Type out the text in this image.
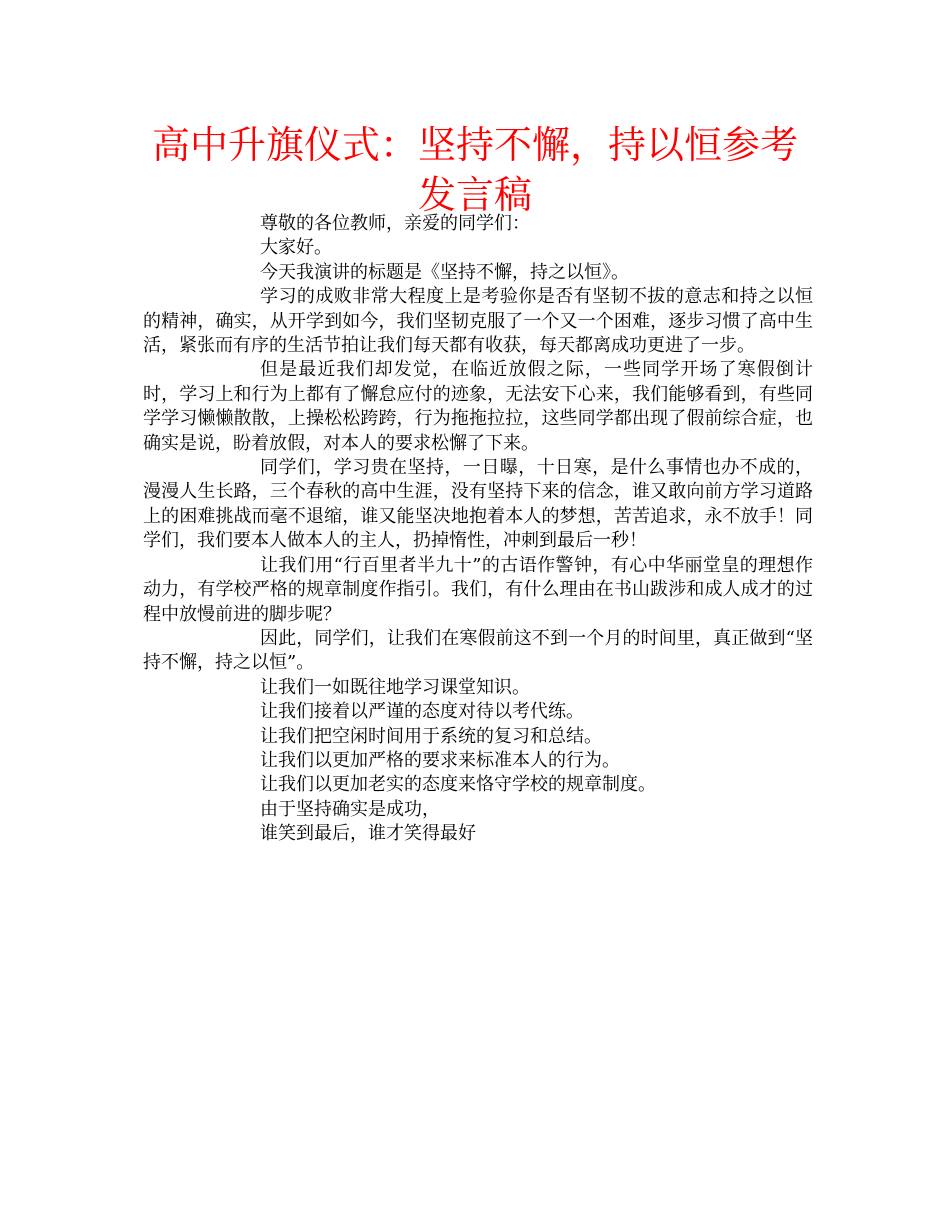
高中升旗仪式：坚持不懈，持以恒参考发言稿

尊敬的各位教师，亲爱的同学们：

大家好。

今天我演讲的标题是《坚持不懈，持之以恒》。

学习的成败非常大程度上是考验你是否有坚韧不拔的意志和持之以恒的精神，确实，从开学到如今，我们坚韧克服了一个又一个困难，逐步习惯了高中生活，紧张而有序的生活节拍让我们每天都有收获，每天都离成功更进了一步。

但是最近我们却发觉，在临近放假之际，一些同学开场了寒假倒计时，学习上和行为上都有了懈怠应付的迹象，无法安下心来，我们能够看到，有些同学学习懒懒散散，上操松松跨跨，行为拖拖拉拉，这些同学都出现了假前综合症，也确实是说，盼着放假，对本人的要求松懈了下来。

同学们，学习贵在坚持，一日曝，十日寒，是什么事情也办不成的，漫漫人生长路，三个春秋的高中生涯，没有坚持下来的信念，谁又敢向前方学习道路上的困难挑战而毫不退缩，谁又能坚决地抱着本人的梦想，苦苦追求，永不放手！同学们，我们要本人做本人的主人，扔掉惰性，冲刺到最后一秒！

让我们用“行百里者半九十”的古语作警钟，有心中华丽堂皇的理想作动力，有学校严格的规章制度作指引。我们，有什么理由在书山跋涉和成人成才的过程中放慢前进的脚步呢？

因此，同学们，让我们在寒假前这不到一个月的时间里，真正做到“坚持不懈，持之以恒”。

让我们一如既往地学习课堂知识。

让我们接着以严谨的态度对待以考代练。

让我们把空闲时间用于系统的复习和总结。

让我们以更加严格的要求来标准本人的行为。

让我们以更加老实的态度来恪守学校的规章制度。

由于坚持确实是成功，

谁笑到最后，谁才笑得最好
